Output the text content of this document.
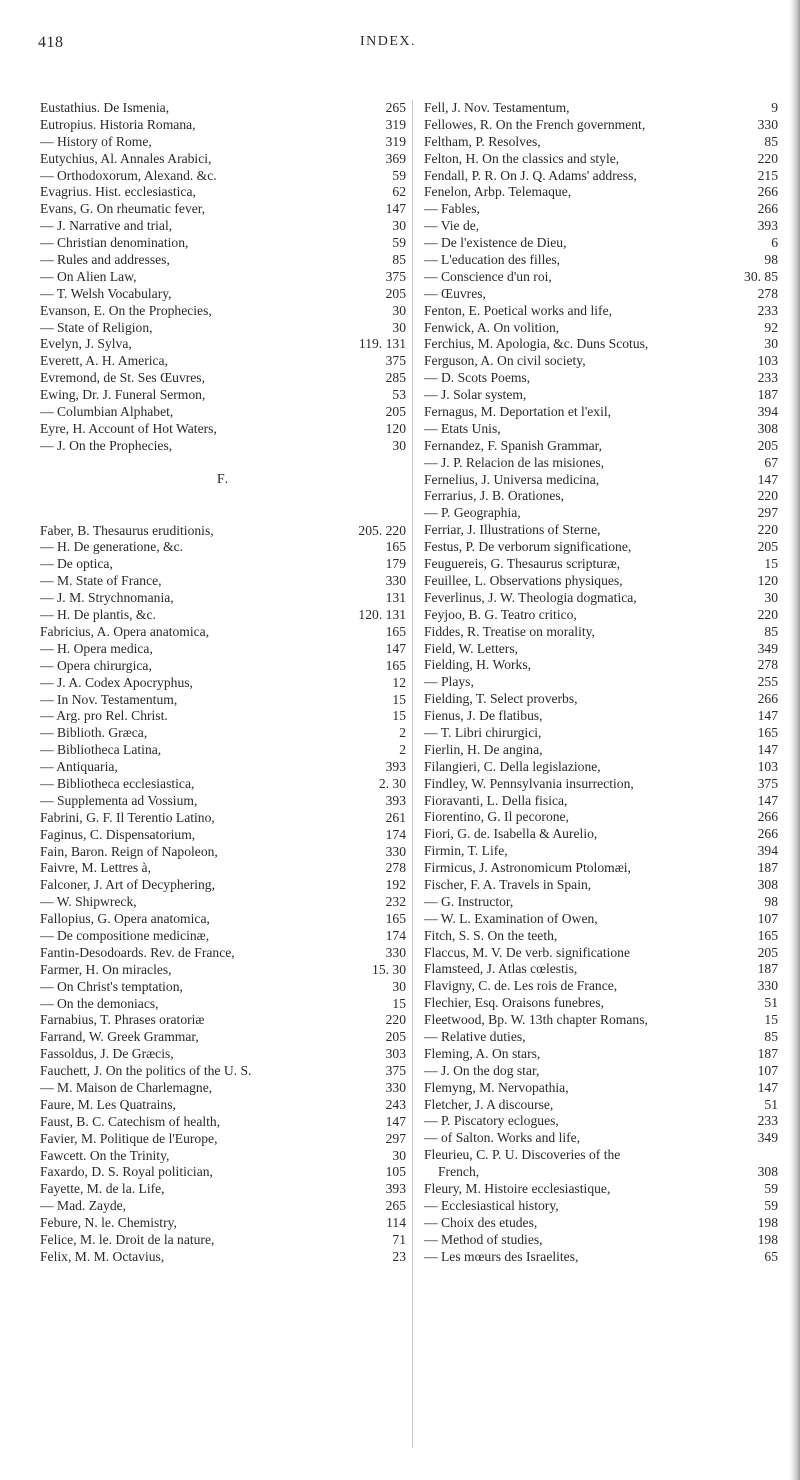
418	INDEX.
Eustathius. De Ismenia,	265
Eutropius. Historia Romana,	319
— History of Rome,	319
Eutychius, Al. Annales Arabici,	369
— Orthodoxorum, Alexand. &c.	59
Evagrius. Hist. ecclesiastica,	62
Evans, G. On rheumatic fever,	147
— J. Narrative and trial,	30
— Christian denomination,	59
— Rules and addresses,	85
— On Alien Law,	375
— T. Welsh Vocabulary,	205
Evanson, E. On the Prophecies,	30
— State of Religion,	30
Evelyn, J. Sylva,	119. 131
Everett, A. H. America,	375
Evremond, de St. Ses Œuvres,	285
Ewing, Dr. J. Funeral Sermon,	53
— Columbian Alphabet,	205
Eyre, H. Account of Hot Waters,	120
— J. On the Prophecies,	30
F.
Faber, B. Thesaurus eruditionis,	205. 220
— H. De generatione, &c.	165
— De optica,	179
— M. State of France,	330
— J. M. Strychnomania,	131
— H. De plantis, &c.	120. 131
Fabricius, A. Opera anatomica,	165
— H. Opera medica,	147
— Opera chirurgica,	165
— J. A. Codex Apocryphus,	12
— In Nov. Testamentum,	15
— Arg. pro Rel. Christ.	15
— Biblioth. Græca,	2
— Bibliotheca Latina,	2
— Antiquaria,	393
— Bibliotheca ecclesiastica,	2. 30
— Supplementa ad Vossium,	393
Fabrini, G. F. Il Terentio Latino,	261
Faginus, C. Dispensatorium,	174
Fain, Baron. Reign of Napoleon,	330
Faivre, M. Lettres à,	278
Falconer, J. Art of Decyphering,	192
— W. Shipwreck,	232
Fallopius, G. Opera anatomica,	165
— De compositione medicinæ,	174
Fantin-Desodoards. Rev. de France,	330
Farmer, H. On miracles,	15. 30
— On Christ's temptation,	30
— On the demoniacs,	15
Farnabius, T. Phrases oratoriæ	220
Farrand, W. Greek Grammar,	205
Fassoldus, J. De Græcis,	303
Fauchett, J. On the politics of the U. S.	375
— M. Maison de Charlemagne,	330
Faure, M. Les Quatrains,	243
Faust, B. C. Catechism of health,	147
Favier, M. Politique de l'Europe,	297
Fawcett. On the Trinity,	30
Faxardo, D. S. Royal politician,	105
Fayette, M. de la. Life,	393
— Mad. Zayde,	265
Febure, N. le. Chemistry,	114
Felice, M. le. Droit de la nature,	71
Felix, M. M. Octavius,	23
Fell, J. Nov. Testamentum,	9
Fellowes, R. On the French government,	330
Feltham, P. Resolves,	85
Felton, H. On the classics and style,	220
Fendall, P. R. On J. Q. Adams' address,	215
Fenelon, Arbp. Telemaque,	266
— Fables,	266
— Vie de,	393
— De l'existence de Dieu,	6
— L'education des filles,	98
— Conscience d'un roi,	30. 85
— Œuvres,	278
Fenton, E. Poetical works and life,	233
Fenwick, A. On volition,	92
Ferchius, M. Apologia, &c. Duns Scotus,	30
Ferguson, A. On civil society,	103
— D. Scots Poems,	233
— J. Solar system,	187
Fernagus, M. Deportation et l'exil,	394
— Etats Unis,	308
Fernandez, F. Spanish Grammar,	205
— J. P. Relacion de las misiones,	67
Fernelius, J. Universa medicina,	147
Ferrarius, J. B. Orationes,	220
— P. Geographia,	297
Ferriar, J. Illustrations of Sterne,	220
Festus, P. De verborum significatione,	205
Feuguereis, G. Thesaurus scripturæ,	15
Feuillee, L. Observations physiques,	120
Feverlinus, J. W. Theologia dogmatica,	30
Feyjoo, B. G. Teatro critico,	220
Fiddes, R. Treatise on morality,	85
Field, W. Letters,	349
Fielding, H. Works,	278
— Plays,	255
Fielding, T. Select proverbs,	266
Fienus, J. De flatibus,	147
— T. Libri chirurgici,	165
Fierlin, H. De angina,	147
Filangieri, C. Della legislazione,	103
Findley, W. Pennsylvania insurrection,	375
Fioravanti, L. Della fisica,	147
Fiorentino, G. Il pecorone,	266
Fiori, G. de. Isabella & Aurelio,	266
Firmin, T. Life,	394
Firmicus, J. Astronomicum Ptolomæi,	187
Fischer, F. A. Travels in Spain,	308
— G. Instructor,	98
— W. L. Examination of Owen,	107
Fitch, S. S. On the teeth,	165
Flaccus, M. V. De verb. significatione	205
Flamsteed, J. Atlas cœlestis,	187
Flavigny, C. de. Les rois de France,	330
Flechier, Esq. Oraisons funebres,	51
Fleetwood, Bp. W. 13th chapter Romans,	15
— Relative duties,	85
Fleming, A. On stars,	187
— J. On the dog star,	107
Flemyng, M. Nervopathia,	147
Fletcher, J. A discourse,	51
— P. Piscatory eclogues,	233
— of Salton. Works and life,	349
Fleurieu, C. P. U. Discoveries of the
French,	308
Fleury, M. Histoire ecclesiastique,	59
— Ecclesiastical history,	59
— Choix des etudes,	198
— Method of studies,	198
— Les mœurs des Israelites,	65
